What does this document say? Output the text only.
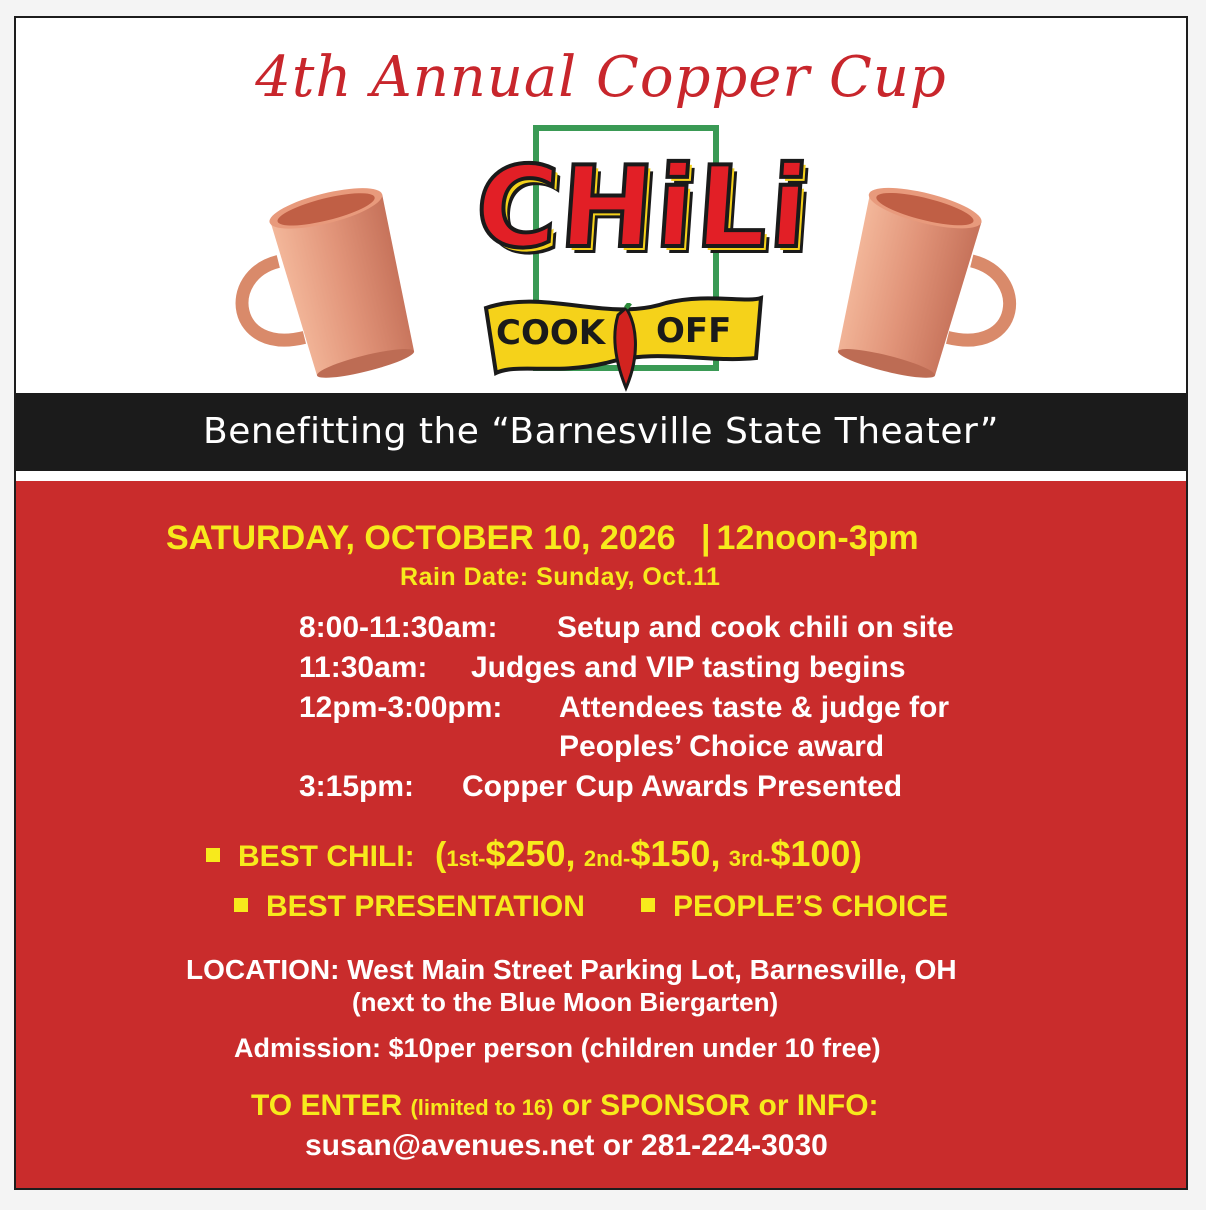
4th Annual Copper Cup
CHiLi
COOK OFF
Benefitting the “Barnesville State Theater”
SATURDAY, OCTOBER 10, 2026 | 12noon-3pm
Rain Date: Sunday, Oct.11
8:00-11:30am: Setup and cook chili on site
11:30am: Judges and VIP tasting begins
12pm-3:00pm: Attendees taste & judge for
Peoples’ Choice award
3:15pm: Copper Cup Awards Presented
BEST CHILI: (1st-$250, 2nd-$150, 3rd-$100)
BEST PRESENTATION	PEOPLE’S CHOICE
LOCATION: West Main Street Parking Lot, Barnesville, OH
(next to the Blue Moon Biergarten)
Admission: $10per person (children under 10 free)
TO ENTER (limited to 16) or SPONSOR or INFO:
susan@avenues.net or 281-224-3030
